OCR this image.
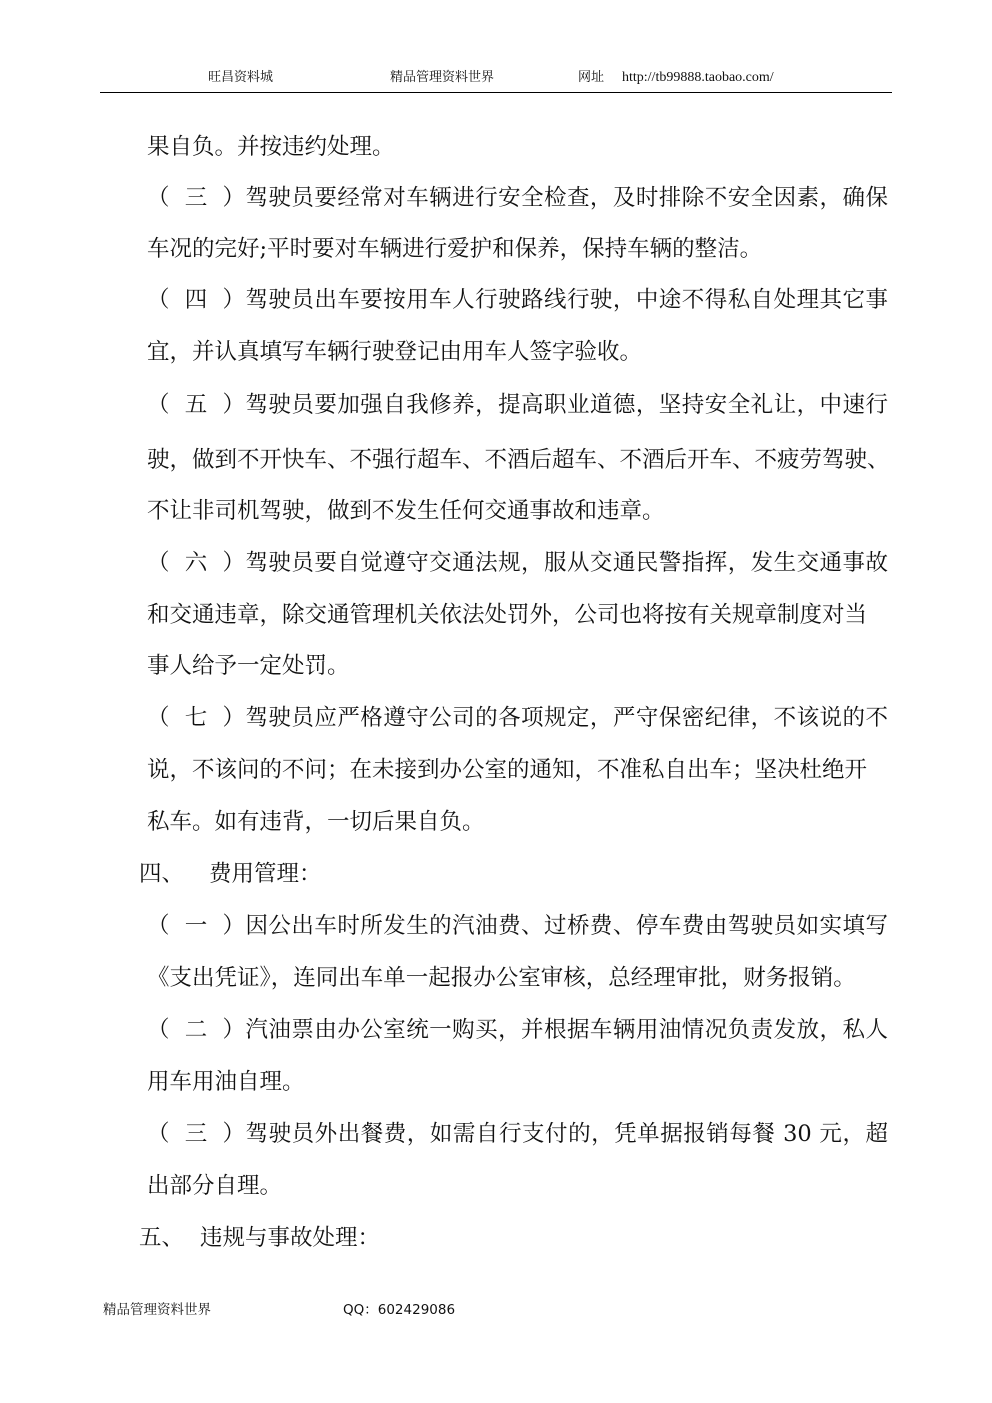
旺昌资料城	精品管理资料世界	网址 http://tb99888.taobao.com/
果自负。并按违约处理。
（三）驾驶员要经常对车辆进行安全检查，及时排除不安全因素，确保
车况的完好;平时要对车辆进行爱护和保养，保持车辆的整洁。
（四）驾驶员出车要按用车人行驶路线行驶，中途不得私自处理其它事
宜，并认真填写车辆行驶登记由用车人签字验收。
（五）驾驶员要加强自我修养，提高职业道德，坚持安全礼让，中速行
驶，做到不开快车、不强行超车、不酒后超车、不酒后开车、不疲劳驾驶、
不让非司机驾驶，做到不发生任何交通事故和违章。
（六）驾驶员要自觉遵守交通法规，服从交通民警指挥，发生交通事故
和交通违章，除交通管理机关依法处罚外，公司也将按有关规章制度对当
事人给予一定处罚。
（七）驾驶员应严格遵守公司的各项规定，严守保密纪律，不该说的不
说，不该问的不问；在未接到办公室的通知，不准私自出车；坚决杜绝开
私车。如有违背，一切后果自负。
四、 费用管理：
（一）因公出车时所发生的汽油费、过桥费、停车费由驾驶员如实填写
《支出凭证》，连同出车单一起报办公室审核，总经理审批，财务报销。
（二）汽油票由办公室统一购买，并根据车辆用油情况负责发放，私人
用车用油自理。
（三）驾驶员外出餐费，如需自行支付的，凭单据报销每餐 30 元，超
出部分自理。
五、 违规与事故处理：
精品管理资料世界	QQ：602429086
